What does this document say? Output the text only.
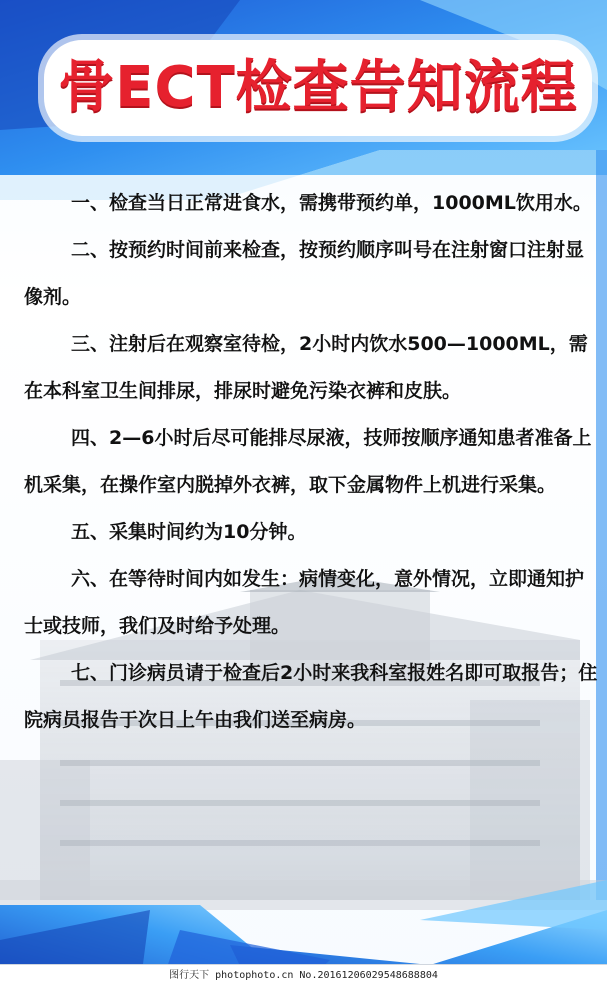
骨ECT检查告知流程

一、检查当日正常进食水，需携带预约单，1000ML饮用水。

二、按预约时间前来检查，按预约顺序叫号在注射窗口注射显像剂。

三、注射后在观察室待检，2小时内饮水500—1000ML，需在本科室卫生间排尿，排尿时避免污染衣裤和皮肤。

四、2—6小时后尽可能排尽尿液，技师按顺序通知患者准备上机采集，在操作室内脱掉外衣裤，取下金属物件上机进行采集。

五、采集时间约为10分钟。

六、在等待时间内如发生：病情变化，意外情况，立即通知护士或技师，我们及时给予处理。

七、门诊病员请于检查后2小时来我科室报姓名即可取报告；住院病员报告于次日上午由我们送至病房。

图行天下 photophoto.cn No.20161206029548688804
